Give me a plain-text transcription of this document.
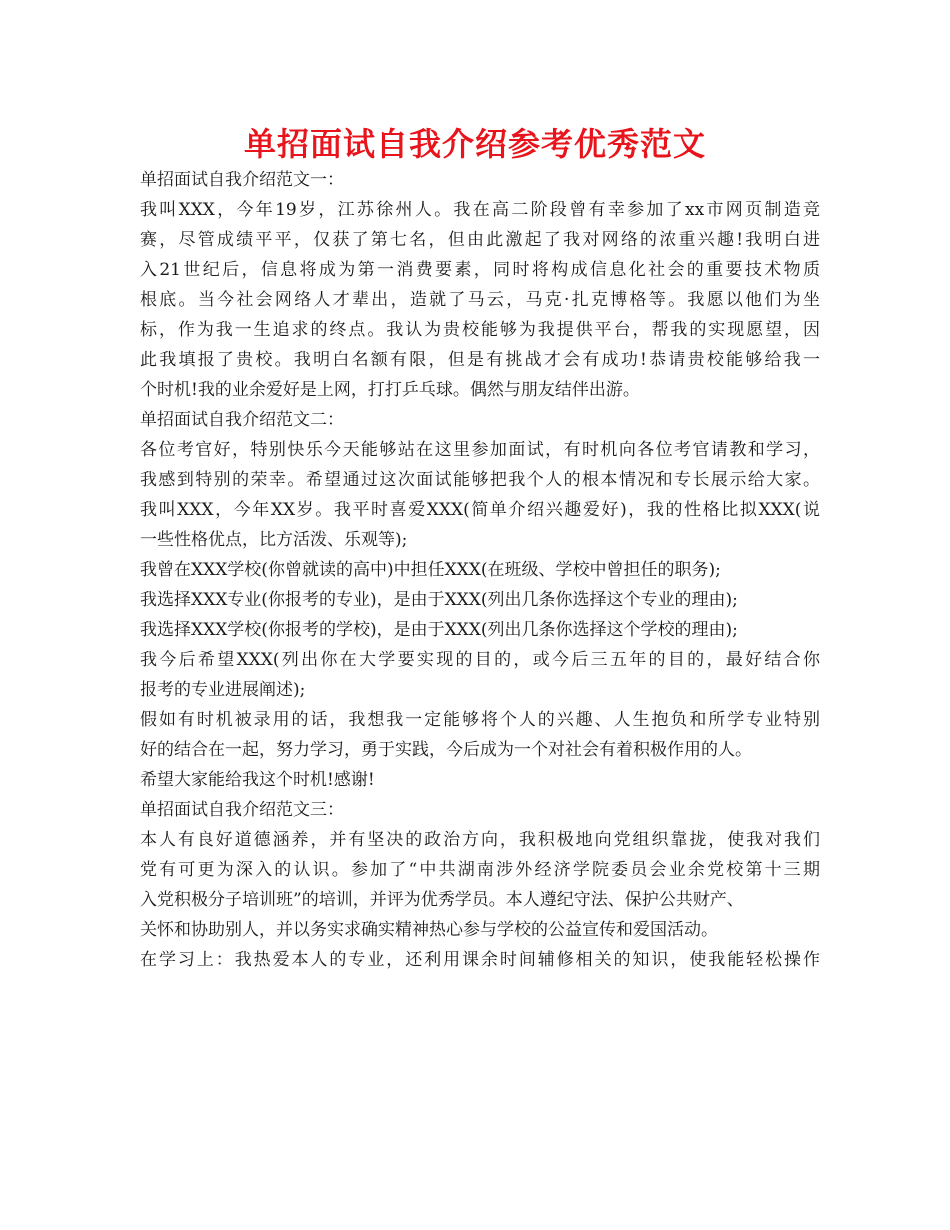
单招面试自我介绍参考优秀范文
单招面试自我介绍范文一：
我叫XXX，今年19岁，江苏徐州人。我在高二阶段曾有幸参加了xx市网页制造竞
赛，尽管成绩平平，仅获了第七名，但由此激起了我对网络的浓重兴趣!我明白进
入21世纪后，信息将成为第一消费要素，同时将构成信息化社会的重要技术物质
根底。当今社会网络人才辈出，造就了马云，马克·扎克博格等。我愿以他们为坐
标，作为我一生追求的终点。我认为贵校能够为我提供平台，帮我的实现愿望，因
此我填报了贵校。我明白名额有限，但是有挑战才会有成功!恭请贵校能够给我一
个时机!我的业余爱好是上网，打打乒乓球。偶然与朋友结伴出游。
单招面试自我介绍范文二：
各位考官好，特别快乐今天能够站在这里参加面试，有时机向各位考官请教和学习，
我感到特别的荣幸。希望通过这次面试能够把我个人的根本情况和专长展示给大家。
我叫XXX，今年XX岁。我平时喜爱XXX(简单介绍兴趣爱好)，我的性格比拟XXX(说
一些性格优点，比方活泼、乐观等);
我曾在XXX学校(你曾就读的高中)中担任XXX(在班级、学校中曾担任的职务);
我选择XXX专业(你报考的专业)，是由于XXX(列出几条你选择这个专业的理由);
我选择XXX学校(你报考的学校)，是由于XXX(列出几条你选择这个学校的理由);
我今后希望XXX(列出你在大学要实现的目的，或今后三五年的目的，最好结合你
报考的专业进展阐述);
假如有时机被录用的话，我想我一定能够将个人的兴趣、人生抱负和所学专业特别
好的结合在一起，努力学习，勇于实践，今后成为一个对社会有着积极作用的人。
希望大家能给我这个时机!感谢!
单招面试自我介绍范文三：
本人有良好道德涵养，并有坚决的政治方向，我积极地向党组织靠拢，使我对我们
党有可更为深入的认识。参加了“中共湖南涉外经济学院委员会业余党校第十三期
入党积极分子培训班”的培训，并评为优秀学员。本人遵纪守法、保护公共财产、
关怀和协助别人，并以务实求确实精神热心参与学校的公益宣传和爱国活动。
在学习上：我热爱本人的专业，还利用课余时间辅修相关的知识，使我能轻松操作
